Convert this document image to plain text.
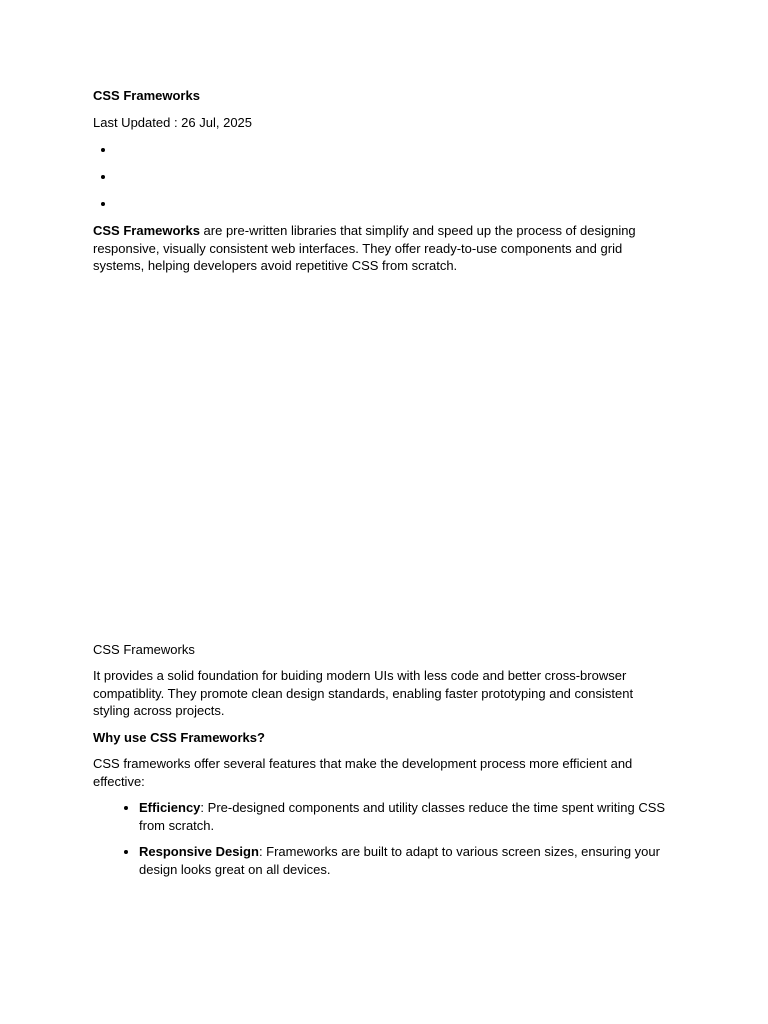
CSS Frameworks
Last Updated : 26 Jul, 2025
•
•
•

CSS Frameworks are pre-written libraries that simplify and speed up the process of designing responsive, visually consistent web interfaces. They offer ready-to-use components and grid systems, helping developers avoid repetitive CSS from scratch.

CSS Frameworks

It provides a solid foundation for buiding modern UIs with less code and better cross-browser compatiblity. They promote clean design standards, enabling faster prototyping and consistent styling across projects.

Why use CSS Frameworks?

CSS frameworks offer several features that make the development process more efficient and effective:

• Efficiency: Pre-designed components and utility classes reduce the time spent writing CSS from scratch.
• Responsive Design: Frameworks are built to adapt to various screen sizes, ensuring your design looks great on all devices.
